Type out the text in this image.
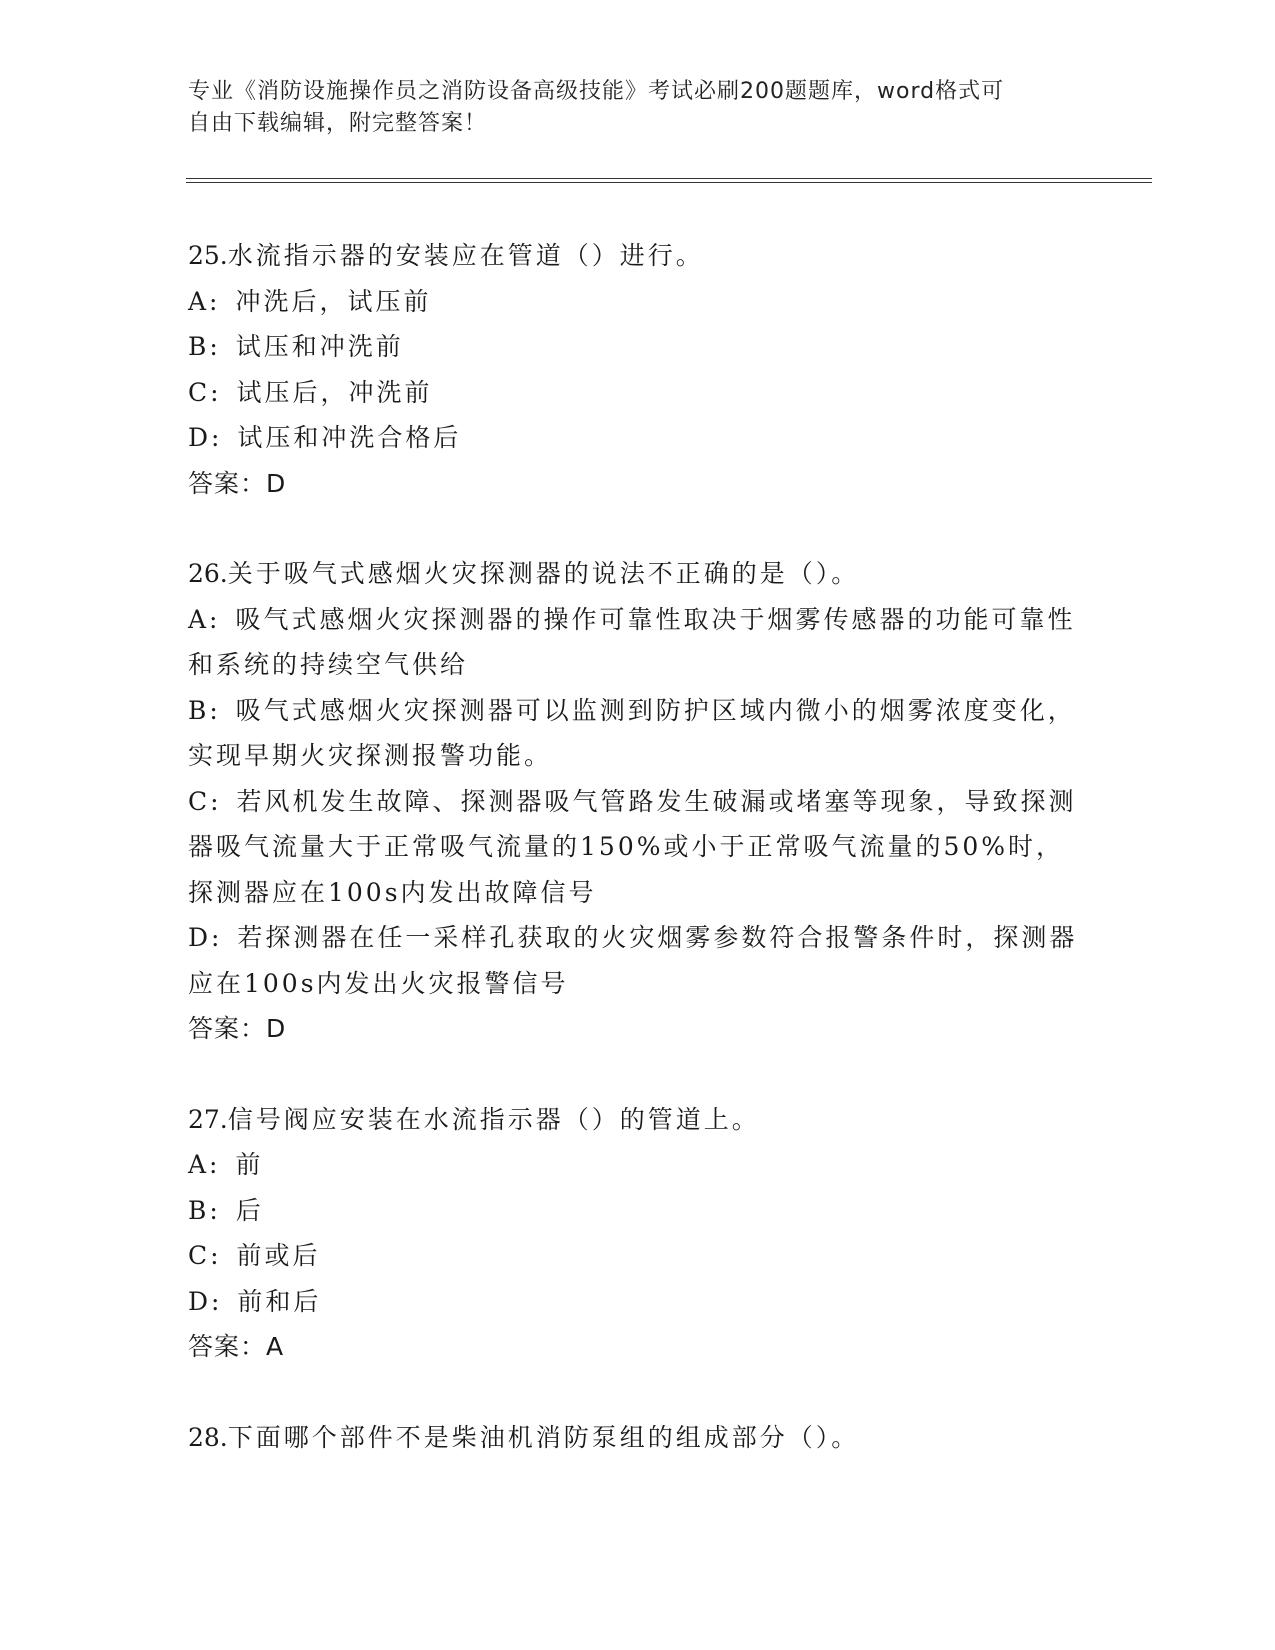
专业《消防设施操作员之消防设备高级技能》考试必刷200题题库，word格式可
自由下载编辑，附完整答案！
25.水流指示器的安装应在管道（）进行。
A: 冲洗后，试压前
B: 试压和冲洗前
C: 试压后，冲洗前
D: 试压和冲洗合格后
答案：D
26.关于吸气式感烟火灾探测器的说法不正确的是（）。
A: 吸气式感烟火灾探测器的操作可靠性取决于烟雾传感器的功能可靠性和系统的持续空气供给
B: 吸气式感烟火灾探测器可以监测到防护区域内微小的烟雾浓度变化，实现早期火灾探测报警功能。
C: 若风机发生故障、探测器吸气管路发生破漏或堵塞等现象，导致探测器吸气流量大于正常吸气流量的150%或小于正常吸气流量的50%时，探测器应在100s内发出故障信号
D: 若探测器在任一采样孔获取的火灾烟雾参数符合报警条件时，探测器应在100s内发出火灾报警信号
答案：D
27.信号阀应安装在水流指示器（）的管道上。
A: 前
B: 后
C: 前或后
D: 前和后
答案：A
28.下面哪个部件不是柴油机消防泵组的组成部分（）。
